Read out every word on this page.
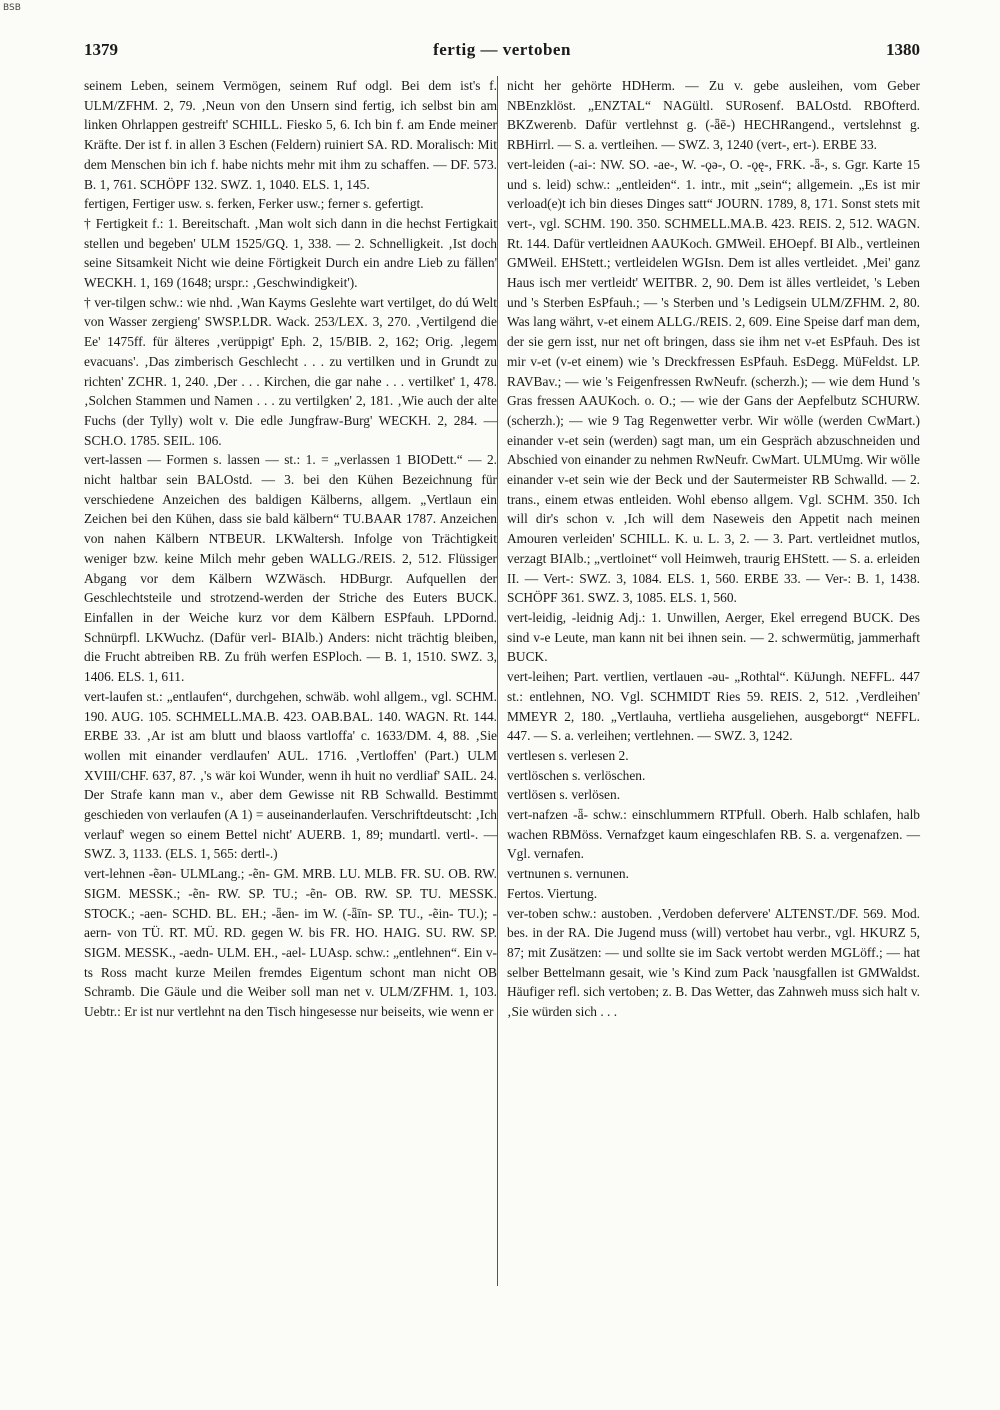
BSB
1379	fertig — vertoben	1380

seinem Leben, seinem Vermögen, seinem Ruf odgl. Bei dem ist's f. ULM/ZFHM. 2, 79. ‚Neun von den Unsern sind fertig, ich selbst bin am linken Ohrlappen gestreift' SCHILL. Fiesko 5, 6. Ich bin f. am Ende meiner Kräfte. Der ist f. in allen 3 Eschen (Feldern) ruiniert SA. RD. Moralisch: Mit dem Menschen bin ich f. habe nichts mehr mit ihm zu schaffen. — DF. 573. B. 1, 761. SCHÖPF 132. SWZ. 1, 1040. ELS. 1, 145.

fertigen, Fertiger usw. s. ferken, Ferker usw.; ferner s. gefertigt.

† Fertigkeit f.: 1. Bereitschaft. ‚Man wolt sich dann in die hechst Fertigkait stellen und begeben' ULM 1525/GQ. 1, 338. — 2. Schnelligkeit. ‚Ist doch seine Sitsamkeit Nicht wie deine Förtigkeit Durch ein andre Lieb zu fällen' WECKH. 1, 169 (1648; urspr.: ‚Geschwindigkeit').

† ver-tilgen schw.: wie nhd. ‚Wan Kayms Geslehte wart vertilget, do dú Welt von Wasser zergieng' SWSP.LDR. Wack. 253/LEX. 3, 270. ‚Vertilgend die Ee' 1475ff. für älteres ‚verüppigt' Eph. 2, 15/BIB. 2, 162; Orig. ‚legem evacuans'. ‚Das zimberisch Geschlecht . . . zu vertilken und in Grundt zu richten' ZCHR. 1, 240. ‚Der . . . Kirchen, die gar nahe . . . vertilket' 1, 478. ‚Solchen Stammen und Namen . . . zu vertilgken' 2, 181. ‚Wie auch der alte Fuchs (der Tylly) wolt v. Die edle Jungfraw-Burg' WECKH. 2, 284. — SCH.O. 1785. SEIL. 106.

vert-lassen — Formen s. lassen — st.: 1. = „verlassen 1 BIODett.“ — 2. nicht haltbar sein BALOstd. — 3. bei den Kühen Bezeichnung für verschiedene Anzeichen des baldigen Kälberns, allgem. „Vertlaun ein Zeichen bei den Kühen, dass sie bald kälbern“ TU.BAAR 1787. Anzeichen von nahen Kälbern NTBEUR. LKWaltersh. Infolge von Trächtigkeit weniger bzw. keine Milch mehr geben WALLG./REIS. 2, 512. Flüssiger Abgang vor dem Kälbern WZWäsch. HDBurgr. Aufquellen der Geschlechtsteile und strotzend-werden der Striche des Euters BUCK. Einfallen in der Weiche kurz vor dem Kälbern ESPfauh. LPDornd. Schnürpfl. LKWuchz. (Dafür verl- BIAlb.) Anders: nicht trächtig bleiben, die Frucht abtreiben RB. Zu früh werfen ESPloch. — B. 1, 1510. SWZ. 3, 1406. ELS. 1, 611.

vert-laufen st.: „entlaufen“, durchgehen, schwäb. wohl allgem., vgl. SCHM. 190. AUG. 105. SCHMELL.MA.B. 423. OAB.BAL. 140. WAGN. Rt. 144. ERBE 33. ‚Ar ist am blutt und blaoss vartloffa' c. 1633/DM. 4, 88. ‚Sie wollen mit einander verdlaufen' AUL. 1716. ‚Vertloffen' (Part.) ULM XVIII/CHF. 637, 87. ‚'s wär koi Wunder, wenn ih huit no verdliaf' SAIL. 24. Der Strafe kann man v., aber dem Gewisse nit RB Schwalld. Bestimmt geschieden von verlaufen (A 1) = auseinanderlaufen. Verschriftdeutscht: ‚Ich verlauf' wegen so einem Bettel nicht' AUERB. 1, 89; mundartl. vertl-. — SWZ. 3, 1133. (ELS. 1, 565: dertl-.)

vert-lehnen -ẽən- ULMLang.; -ẽn- GM. MRB. LU. MLB. FR. SU. OB. RW. SIGM. MESSK.; -ẽn- RW. SP. TU.; -ẽn- OB. RW. SP. TU. MESSK. STOCK.; -aen- SCHD. BL. EH.; -ǟen- im W. (-ǟīn- SP. TU., -ẽin- TU.); -aern- von TÜ. RT. MÜ. RD. gegen W. bis FR. HO. HAIG. SU. RW. SP. SIGM. MESSK., -aedn- ULM. EH., -ael- LUAsp. schw.: „entlehnen“. Ein v-ts Ross macht kurze Meilen fremdes Eigentum schont man nicht OB Schramb. Die Gäule und die Weiber soll man net v. ULM/ZFHM. 1, 103. Uebtr.: Er ist nur vertlehnt na den Tisch hingesesse nur beiseits, wie wenn er

nicht her gehörte HDHerm. — Zu v. gebe ausleihen, vom Geber NBEnzklöst. „ENZTAL“ NAGültl. SURosenf. BALOstd. RBOfterd. BKZwerenb. Dafür vertlehnst g. (-ǟē-) HECHRangend., vertslehnst g. RBHirrl. — S. a. vertleihen. — SWZ. 3, 1240 (vert-, ert-). ERBE 33.

vert-leiden (-ai-: NW. SO. -ae-, W. -ǫə-, O. -ǫę-, FRK. -ǟ-, s. Ggr. Karte 15 und s. leid) schw.: „entleiden“. 1. intr., mit „sein“; allgemein. „Es ist mir verload(e)t ich bin dieses Dinges satt“ JOURN. 1789, 8, 171. Sonst stets mit vert-, vgl. SCHM. 190. 350. SCHMELL.MA.B. 423. REIS. 2, 512. WAGN. Rt. 144. Dafür vertleidnen AAUKoch. GMWeil. EHOepf. BI Alb., vertleinen GMWeil. EHStett.; vertleidelen WGIsn. Dem ist alles vertleidet. ‚Mei' ganz Haus isch mer vertleidt' WEITBR. 2, 90. Dem ist älles vertleidet, 's Leben und 's Sterben EsPfauh.; — 's Sterben und 's Ledigsein ULM/ZFHM. 2, 80. Was lang währt, v-et einem ALLG./REIS. 2, 609. Eine Speise darf man dem, der sie gern isst, nur net oft bringen, dass sie ihm net v-et EsPfauh. Des ist mir v-et (v-et einem) wie 's Dreckfressen EsPfauh. EsDegg. MüFeldst. LP. RAVBav.; — wie 's Feigenfressen RwNeufr. (scherzh.); — wie dem Hund 's Gras fressen AAUKoch. o. O.; — wie der Gans der Aepfelbutz SCHURW. (scherzh.); — wie 9 Tag Regenwetter verbr. Wir wölle (werden CwMart.) einander v-et sein (werden) sagt man, um ein Gespräch abzuschneiden und Abschied von einander zu nehmen RwNeufr. CwMart. ULMUmg. Wir wölle einander v-et sein wie der Beck und der Sautermeister RB Schwalld. — 2. trans., einem etwas entleiden. Wohl ebenso allgem. Vgl. SCHM. 350. Ich will dir's schon v. ‚Ich will dem Naseweis den Appetit nach meinen Amouren verleiden' SCHILL. K. u. L. 3, 2. — 3. Part. vertleidnet mutlos, verzagt BIAlb.; „vertloinet“ voll Heimweh, traurig EHStett. — S. a. erleiden II. — Vert-: SWZ. 3, 1084. ELS. 1, 560. ERBE 33. — Ver-: B. 1, 1438. SCHÖPF 361. SWZ. 3, 1085. ELS. 1, 560.

vert-leidig, -leidnig Adj.: 1. Unwillen, Aerger, Ekel erregend BUCK. Des sind v-e Leute, man kann nit bei ihnen sein. — 2. schwermütig, jammerhaft BUCK.

vert-leihen; Part. vertlien, vertlauen -əu- „Rothtal“. KüJungh. NEFFL. 447 st.: entlehnen, NO. Vgl. SCHMIDT Ries 59. REIS. 2, 512. ‚Verdleihen' MMEYR 2, 180. „Vertlauha, vertlieha ausgeliehen, ausgeborgt“ NEFFL. 447. — S. a. verleihen; vertlehnen. — SWZ. 3, 1242.

vertlesen s. verlesen 2.

vertlöschen s. verlöschen.

vertlösen s. verlösen.

vert-nafzen -ǟ- schw.: einschlummern RTPfull. Oberh. Halb schlafen, halb wachen RBMöss. Vernafzget kaum eingeschlafen RB. S. a. vergenafzen. — Vgl. vernafen.

vertnunen s. vernunen.

Fertos. Viertung.

ver-toben schw.: austoben. ‚Verdoben defervere' ALTENST./DF. 569. Mod. bes. in der RA. Die Jugend muss (will) vertobet hau verbr., vgl. HKURZ 5, 87; mit Zusätzen: — und sollte sie im Sack vertobt werden MGLöff.; — hat selber Bettelmann gesait, wie 's Kind zum Pack 'nausgfallen ist GMWaldst. Häufiger refl. sich vertoben; z. B. Das Wetter, das Zahnweh muss sich halt v. ‚Sie würden sich . . .
